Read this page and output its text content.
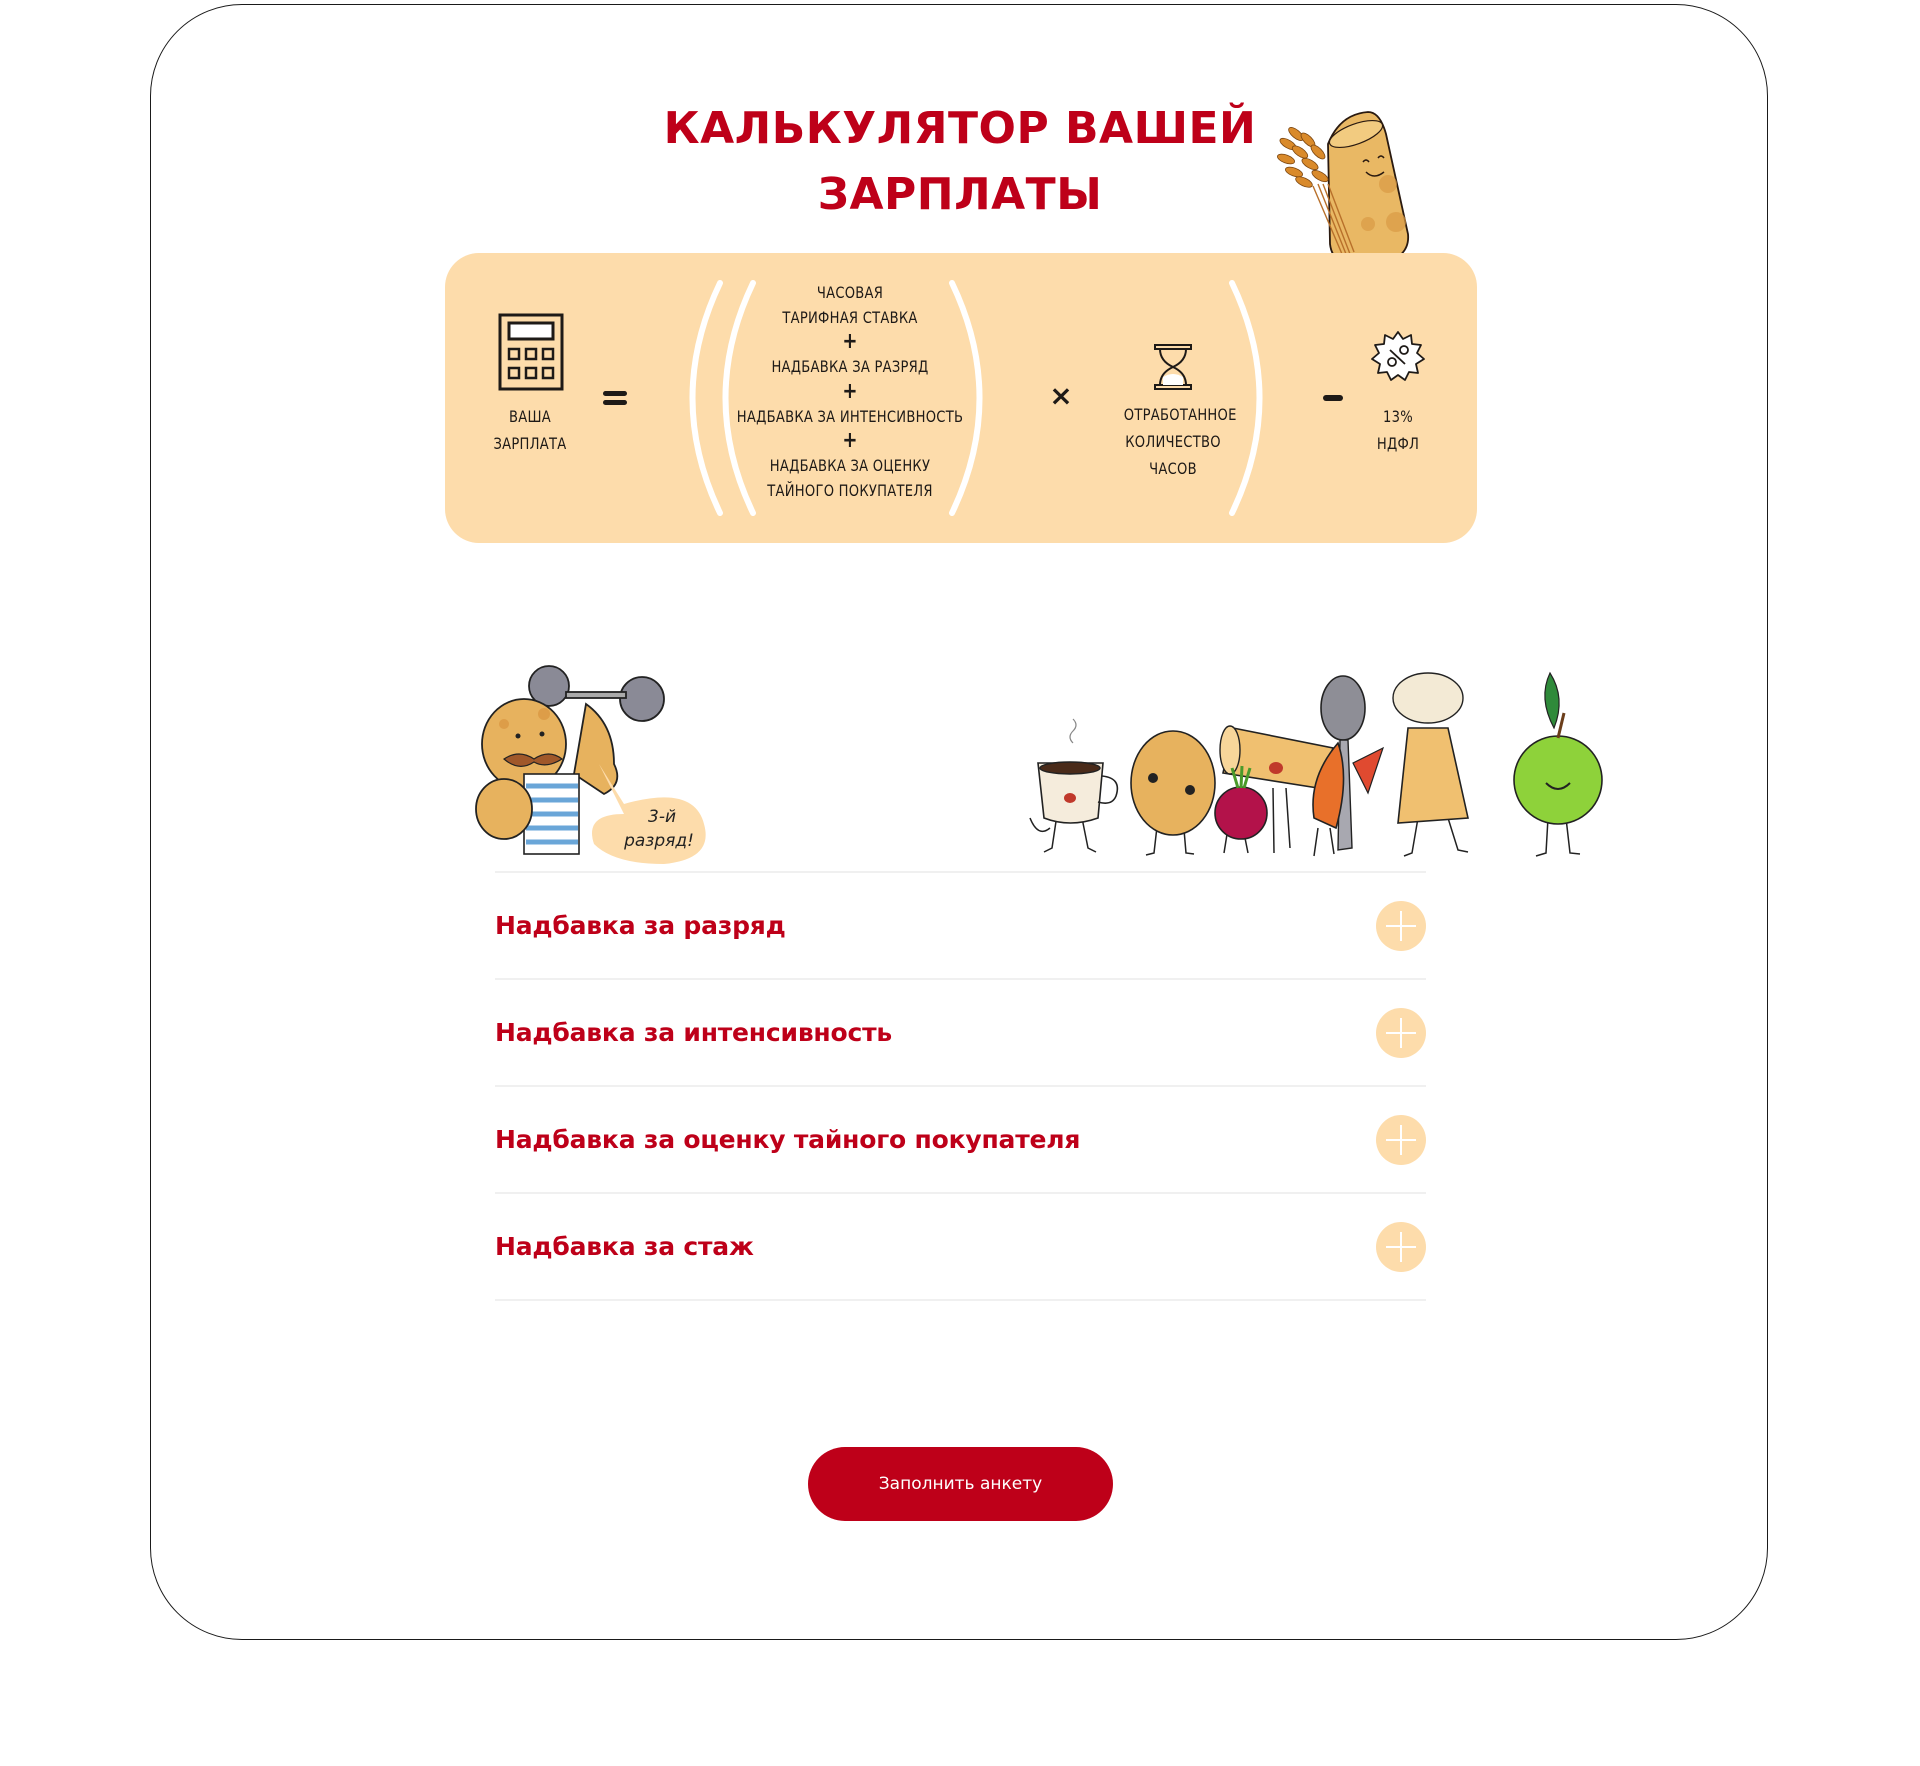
КАЛЬКУЛЯТОР ВАШЕЙ
ЗАРПЛАТЫ
ВАША
ЗАРПЛАТА
ЧАСОВАЯ
ТАРИФНАЯ СТАВКА
+
НАДБАВКА ЗА РАЗРЯД
+
НАДБАВКА ЗА ИНТЕНСИВНОСТЬ
+
НАДБАВКА ЗА ОЦЕНКУ
ТАЙНОГО ПОКУПАТЕЛЯ
×
ОТРАБОТАННОЕ
КОЛИЧЕСТВО
ЧАСОВ
13%
НДФЛ
3-й
разряд!
Надбавка за разряд
Надбавка за интенсивность
Надбавка за оценку тайного покупателя
Надбавка за стаж
Заполнить анкету
